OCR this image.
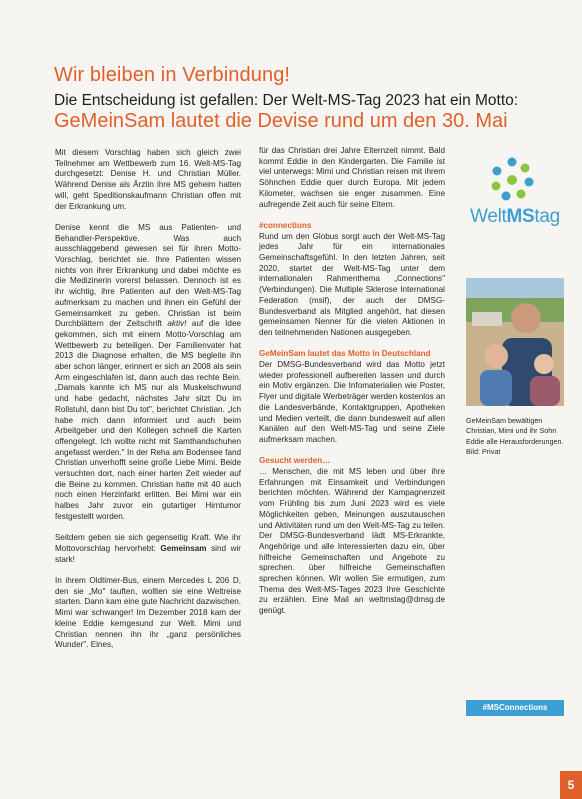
Wir bleiben in Verbindung!
Die Entscheidung ist gefallen: Der Welt-MS-Tag 2023 hat ein Motto:
GeMeinSam lautet die Devise rund um den 30. Mai

Mit diesem Vorschlag haben sich gleich zwei Teilnehmer am Wettbewerb zum 16. Welt-MS-Tag durchgesetzt: Denise H. und Christian Müller. Während Denise als Ärztin ihre MS geheim halten will, geht Speditionskaufmann Christian offen mit der Erkrankung um.

Denise kennt die MS aus Patienten- und Behandler-Perspektive. Was auch ausschlaggebend gewesen sei für ihren Motto-Vorschlag, berichtet sie. Ihre Patienten wissen nichts von ihrer Erkrankung und dabei möchte es die Medizinerin vorerst belassen. Dennoch ist es ihr wichtig, ihre Patienten auf den Welt-MS-Tag aufmerksam zu machen und ihnen ein Gefühl der Gemeinsamkeit zu geben. Christian ist beim Durchblättern der Zeitschrift aktiv! auf die Idee gekommen, sich mit einem Motto-Vorschlag am Wettbewerb zu beteiligen. Der Familienvater hat 2013 die Diagnose erhalten, die MS begleite ihn aber schon länger, erinnert er sich an 2008 als sein Arm eingeschlafen ist, dann auch das rechte Bein. „Damals kannte ich MS nur als Muskelschwund und habe gedacht, nächstes Jahr sitzt Du im Rollstuhl, dann bist Du tot", berichtet Christian. „Ich habe mich dann informiert und auch beim Arbeitgeber und den Kollegen schnell die Karten offengelegt. Ich wollte nicht mit Samthandschuhen angefasst werden." In der Reha am Bodensee fand Christian unverhofft seine große Liebe Mimi. Beide versuchten dort, nach einer harten Zeit wieder auf die Beine zu kommen. Christian hatte mit 40 auch noch einen Herzinfarkt erlitten. Bei Mimi war ein halbes Jahr zuvor ein gutartiger Hirntumor festgestellt worden.

Seitdem geben sie sich gegenseitig Kraft. Wie ihr Mottovorschlag hervorhebt: Gemeinsam sind wir stark!

In ihrem Oldtimer-Bus, einem Mercedes L 206 D, den sie „Mo" tauften, wollten sie eine Weltreise starten. Dann kam eine gute Nachricht dazwischen. Mimi war schwanger! Im Dezember 2018 kam der kleine Eddie kerngesund zur Welt. Mimi und Christian nennen ihn ihr „ganz persönliches Wunder". Eines,

für das Christian drei Jahre Elternzeit nimmt. Bald kommt Eddie in den Kindergarten. Die Familie ist viel unterwegs: Mimi und Christian reisen mit ihrem Söhnchen Eddie quer durch Europa. Mit jedem Kilometer, wachsen sie enger zusammen. Eine aufregende Zeit auch für seine Eltern.

#connections
Rund um den Globus sorgt auch der Welt-MS-Tag jedes Jahr für ein internationales Gemeinschaftsgefühl. In den letzten Jahren, seit 2020, startet der Welt-MS-Tag unter dem internationalen Rahmenthema „Connections" (Verbindungen). Die Multiple Sklerose International Federation (msif), der auch der DMSG-Bundesverband als Mitglied angehört, hat diesen gemeinsamen Nenner für die vielen Aktionen in den teilnehmenden Nationen ausgegeben.

GeMeinSam lautet das Motto in Deutschland
Der DMSG-Bundesverband wird das Motto jetzt wieder professionell aufbereiten lassen und durch ein Motiv ergänzen. Die Infomaterialien wie Poster, Flyer und digitale Werbeträger werden kostenlos an die Landesverbände, Kontaktgruppen, Apotheken und Medien verteilt, die dann bundesweit auf allen Kanälen auf den Welt-MS-Tag und seine Ziele aufmerksam machen.

Gesucht werden…
… Menschen, die mit MS leben und über ihre Erfahrungen mit Einsamkeit und Verbindungen berichten möchten. Während der Kampagnenzeit vom Frühling bis zum Juni 2023 wird es viele Möglichkeiten geben, Meinungen auszutauschen und Aktivitäten rund um den Welt-MS-Tag zu teilen. Der DMSG-Bundesverband lädt MS-Erkrankte, Angehörige und alle Interessierten dazu ein, über hilfreiche Gemeinschaften und Angebote zu sprechen. über hilfreiche Gemeinschaften sprechen können. Wir wollen Sie ermutigen, zum Thema des Welt-MS-Tages 2023 Ihre Geschichte zu erzählen. Eine Mail an weltmstag@dmsg.de genügt.

WeltMStag
GeMeinSam bewältigen Christian, Mimi und ihr Sohn Eddie alle Herausforderungen. Bild: Privat
#MSConnections
5
